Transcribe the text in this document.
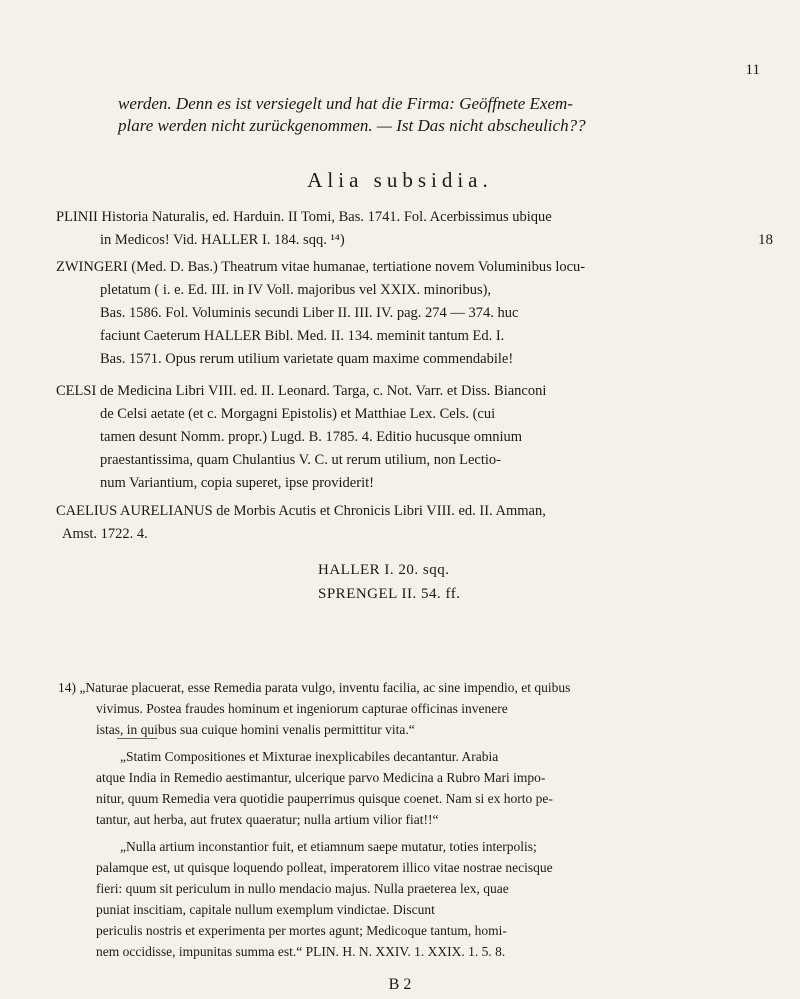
11
werden. Denn es ist versiegelt und hat die Firma: Geöffnete Exem-
plare werden nicht zurückgenommen. — Ist Das nicht abscheulich??
Alia subsidia.
18
PLINII Historia Naturalis, ed. Harduin. II Tomi, Bas. 1741. Fol. Acerbissimus ubique
in Medicos! Vid. HALLER I. 184. sqq. ¹⁴)
ZWINGERI (Med. D. Bas.) Theatrum vitae humanae, tertiatione novem Voluminibus locu-
pletatum ( i. e. Ed. III. in IV Voll. majoribus vel XXIX. minoribus),
Bas. 1586. Fol. Voluminis secundi Liber II. III. IV. pag. 274 — 374. huc
faciunt Caeterum HALLER Bibl. Med. II. 134. meminit tantum Ed. I.
Bas. 1571. Opus rerum utilium varietate quam maxime commendabile!
CELSI de Medicina Libri VIII. ed. II. Leonard. Targa, c. Not. Varr. et Diss. Bianconi
de Celsi aetate (et c. Morgagni Epistolis) et Matthiae Lex. Cels. (cui
tamen desunt Nomm. propr.) Lugd. B. 1785. 4. Editio hucusque omnium
praestantissima, quam Chulantius V. C. ut rerum utilium, non Lectio-
num Variantium, copia superet, ipse providerit!
CAELIUS AURELIANUS de Morbis Acutis et Chronicis Libri VIII. ed. II. Amman,
Amst. 1722. 4.
HALLER I. 20. sqq.
SPRENGEL II. 54. ff.
14) „Naturae placuerat, esse Remedia parata vulgo, inventu facilia, ac sine impendio, et quibus
vivimus. Postea fraudes hominum et ingeniorum capturae officinas invenere
istas, in quibus sua cuique homini venalis permittitur vita.“
„Statim Compositiones et Mixturae inexplicabiles decantantur. Arabia
atque India in Remedio aestimantur, ulcerique parvo Medicina a Rubro Mari impo-
nitur, quum Remedia vera quotidie pauperrimus quisque coenet. Nam si ex horto pe-
tantur, aut herba, aut frutex quaeratur; nulla artium vilior fiat!!“
„Nulla artium inconstantior fuit, et etiamnum saepe mutatur, toties interpolis;
palamque est, ut quisque loquendo polleat, imperatorem illico vitae nostrae necisque
fieri: quum sit periculum in nullo mendacio majus. Nulla praeterea lex, quae
puniat inscitiam, capitale nullum exemplum vindictae. Discunt
periculis nostris et experimenta per mortes agunt; Medicoque tantum, homi-
nem occidisse, impunitas summa est.“ PLIN. H. N. XXIV. 1. XXIX. 1. 5. 8.
B 2
